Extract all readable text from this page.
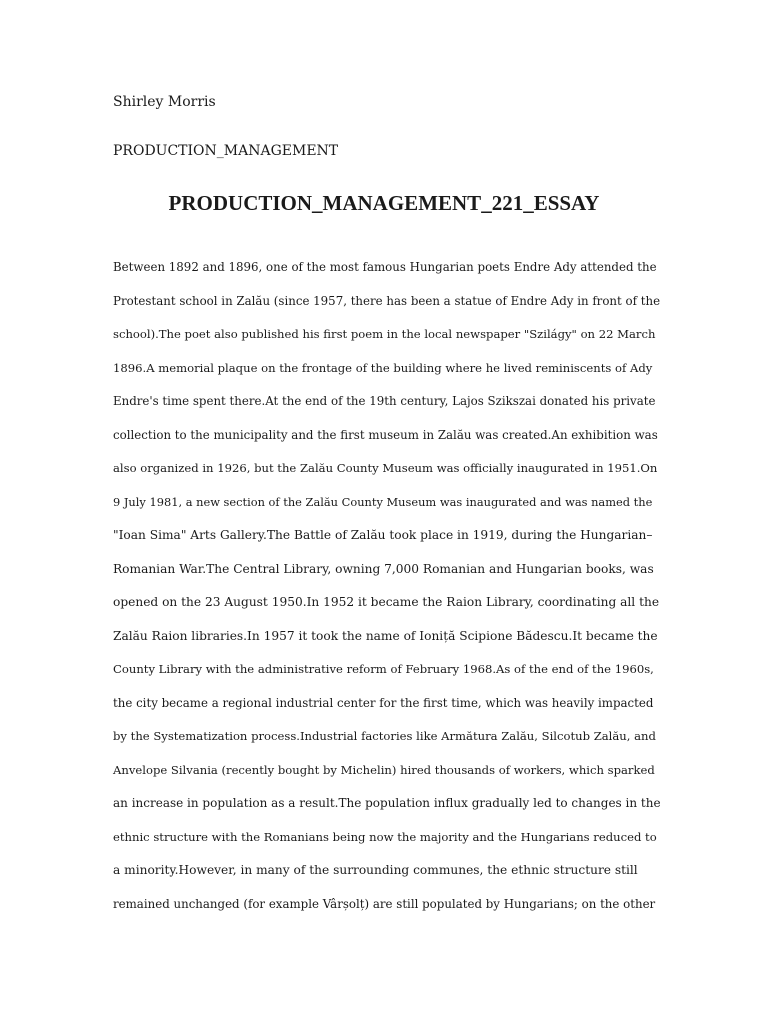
Shirley Morris

PRODUCTION_MANAGEMENT

PRODUCTION_MANAGEMENT_221_ESSAY
Between 1892 and 1896, one of the most famous Hungarian poets Endre Ady attended the
Protestant school in Zalău (since 1957, there has been a statue of Endre Ady in front of the
school).The poet also published his first poem in the local newspaper "Szilágy" on 22 March
1896.A memorial plaque on the frontage of the building where he lived reminiscents of Ady
Endre's time spent there.At the end of the 19th century, Lajos Szikszai donated his private
collection to the municipality and the first museum in Zalău was created.An exhibition was
also organized in 1926, but the Zalău County Museum was officially inaugurated in 1951.On
9 July 1981, a new section of the Zalău County Museum was inaugurated and was named the
"Ioan Sima" Arts Gallery.The Battle of Zalău took place in 1919, during the Hungarian–
Romanian War.The Central Library, owning 7,000 Romanian and Hungarian books, was
opened on the 23 August 1950.In 1952 it became the Raion Library, coordinating all the
Zalău Raion libraries.In 1957 it took the name of Ioniță Scipione Bădescu.It became the
County Library with the administrative reform of February 1968.As of the end of the 1960s,
the city became a regional industrial center for the first time, which was heavily impacted
by the Systematization process.Industrial factories like Armătura Zalău, Silcotub Zalău, and
Anvelope Silvania (recently bought by Michelin) hired thousands of workers, which sparked
an increase in population as a result.The population influx gradually led to changes in the
ethnic structure with the Romanians being now the majority and the Hungarians reduced to
a minority.However, in many of the surrounding communes, the ethnic structure still
remained unchanged (for example Vârșolț) are still populated by Hungarians; on the other
